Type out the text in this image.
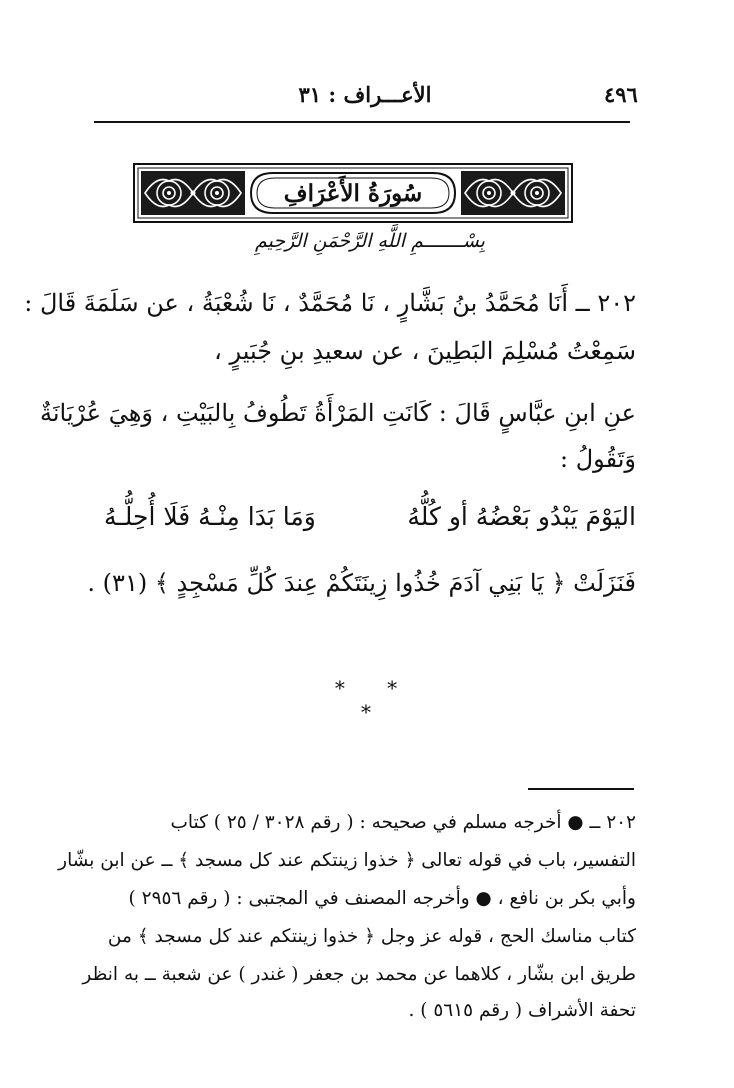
٤٩٦
الأعـــراف : ٣١
سُورَةُ الأَعْرَافِ
بِسْـــــــمِ اللَّهِ الرَّحْمَنِ الرَّحِيمِ
٢٠٢ ــ أَنَا مُحَمَّدُ بنُ بَشَّارٍ ، نَا مُحَمَّدٌ ، نَا شُعْبَةُ ، عن سَلَمَةَ قَالَ :
سَمِعْتُ مُسْلِمَ البَطِينَ ، عن سعيدِ بنِ جُبَيرٍ ،
عنِ ابنِ عبَّاسٍ قَالَ : كَانَتِ المَرْأَةُ تَطُوفُ بِالبَيْتِ ، وَهِيَ عُرْيَانَةٌ
وَتَقُولُ :
اليَوْمَ يَبْدُو بَعْضُهُ أو كُلُّهُ
وَمَا بَدَا مِنْـهُ فَلَا أُحِلُّـهُ
فَنَزَلَتْ ﴿ يَا بَنِي آدَمَ خُذُوا زِينَتَكُمْ عِندَ كُلِّ مَسْجِدٍ ﴾ (٣١) .
* * *
٢٠٢ ــ ● أخرجه مسلم في صحيحه : ( رقم ٣٠٢٨ / ٢٥ ) كتاب
التفسير، باب في قوله تعالى ﴿ خذوا زينتكم عند كل مسجد ﴾ ــ عن ابن بشّار
وأبي بكر بن نافع ، ● وأخرجه المصنف في المجتبى : ( رقم ٢٩٥٦ )
كتاب مناسك الحج ، قوله عز وجل ﴿ خذوا زينتكم عند كل مسجد ﴾ من
طريق ابن بشّار ، كلاهما عن محمد بن جعفر ( غندر ) عن شعبة ــ به انظر
تحفة الأشراف ( رقم ٥٦١٥ ) .
